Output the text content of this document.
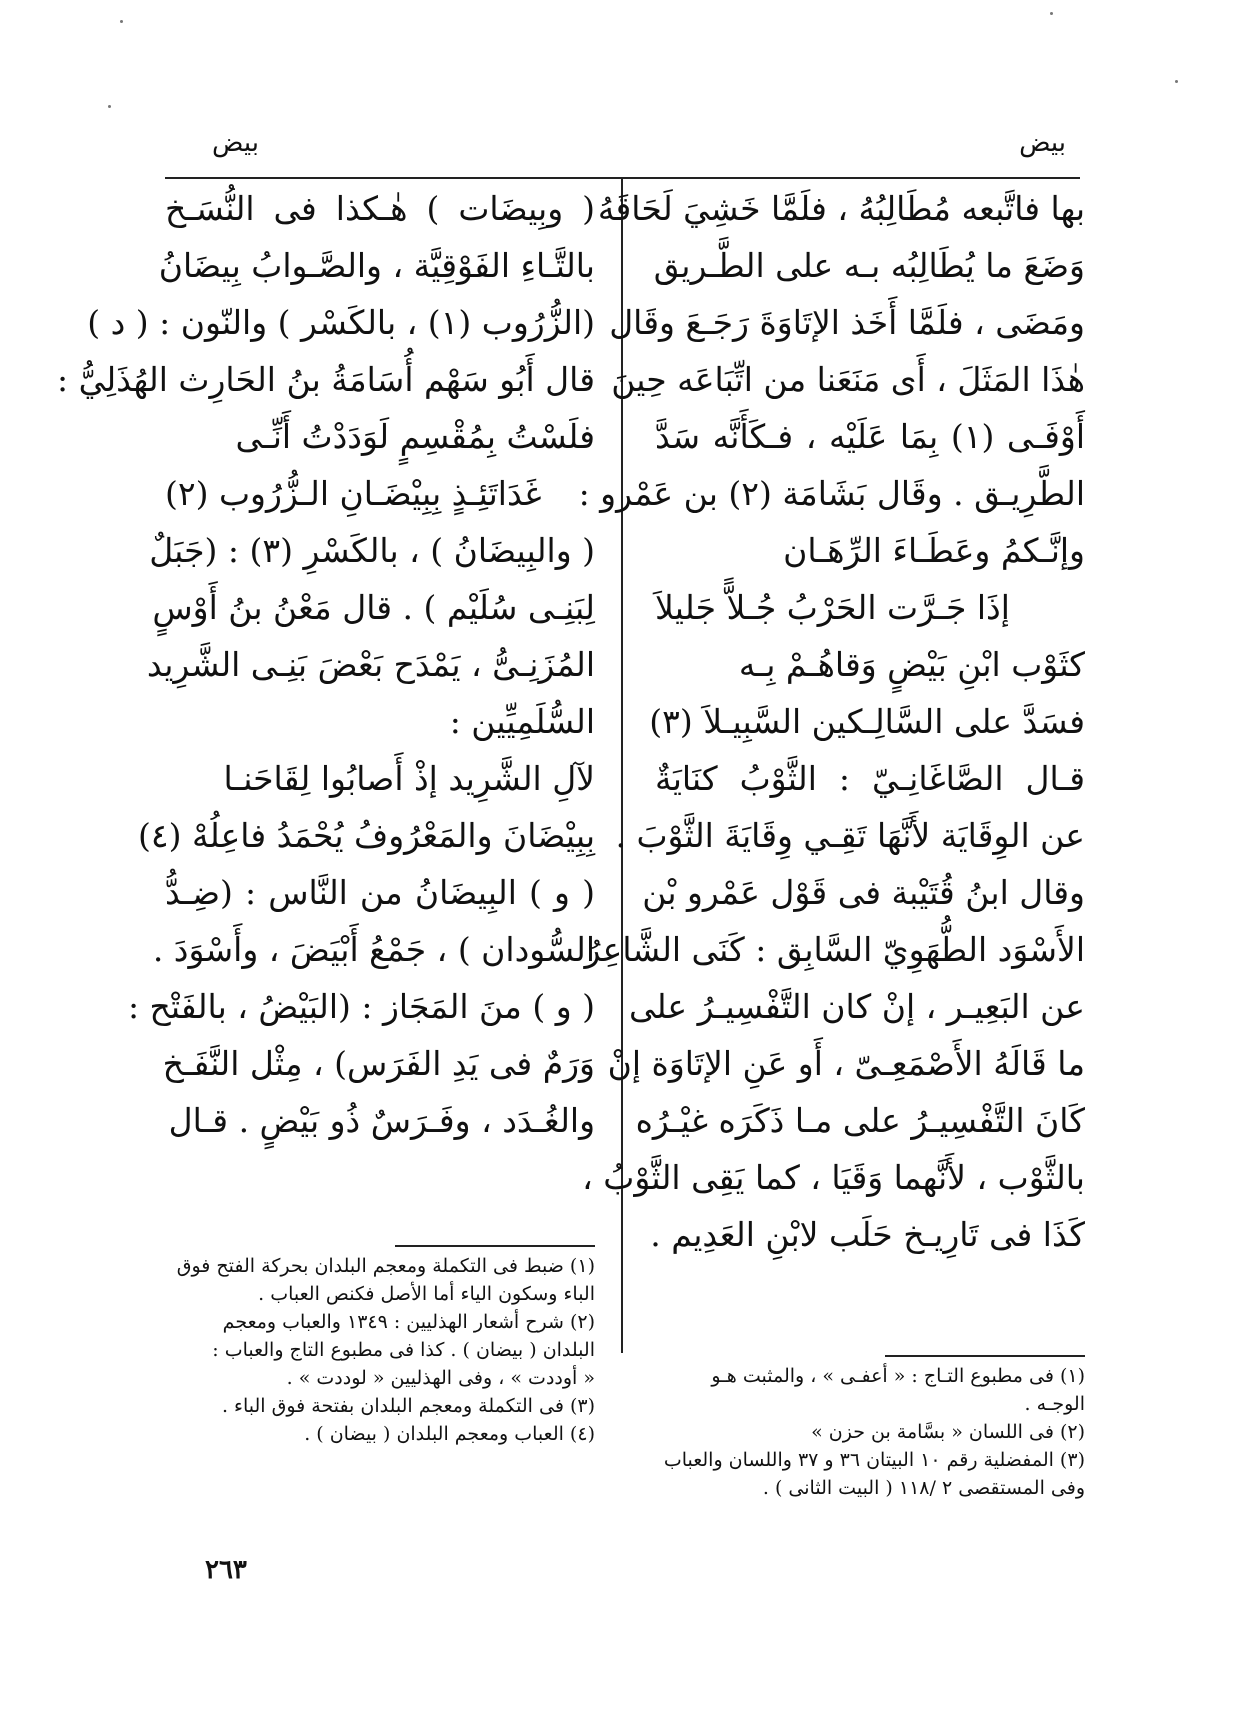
بيض
بيض
بها فاتَّبعه مُطَالِبُهُ ، فلَمَّا خَشِيَ لَحَاقَهُ
وَضَعَ ما يُطَالِبُه بـه على الطَّـريق
ومَضَى ، فلَمَّا أَخَذ الإتَاوَةَ رَجَـعَ وقَال
هٰذَا المَثَلَ ، أَى مَنَعَنا من اتِّبَاعَه حِينَ
أَوْفَـى (١) بِمَا عَلَيْه ، فـكَأَنَّه سَدَّ
الطَّرِيـق . وقَال بَشَامَة (٢) بن عَمْرو :
وإنَّـكمُ وعَطَـاءَ الرِّهَـان
إذَا جَـرَّت الحَرْبُ جُـلاًّ جَليلاَ
كثَوْب ابْنِ بَيْضٍ وَقاهُـمْ بِـه
فسَدَّ على السَّالِـكين السَّبِيـلاَ (٣)
قـال الصَّاغَانِـيّ : الثَّوْبُ كنَايَةٌ
عن الوِقَايَة لأَنَّهَا تَقِـي وِقَايَةَ الثَّوْبَ .
وقال ابنُ قُتَيْبة فى قَوْل عَمْرو بْن
الأَسْوَد الطُّهَوِيّ السَّابِق : كَنَى الشَّاعِرُ
عن البَعِيـر ، إنْ كان التَّفْسِيـرُ على
ما قَالَهُ الأَصْمَعِـىّ ، أَو عَنِ الإتَاوَة إنْ
كَانَ التَّفْسِيـرُ على مـا ذَكَرَه غيْـرُه
بالثَّوْب ، لأَنَّهما وَقَيَا ، كما يَقِى الثَّوْبُ ،
كَذَا فى تَارِيـخ حَلَب لابْنِ العَدِيم .
( وبِيضَات ) هٰـكذا فى النُّسَـخ
بالتَّـاءِ الفَوْقِيَّة ، والصَّـوابُ بِيضَانُ
(الزُّرُوب (١) ، بالكَسْر ) والنّون : ( د )
قال أَبُو سَهْم أُسَامَةُ بنُ الحَارِث الهُذَلِيُّ :
فلَسْتُ بِمُقْسِمٍ لَوَدَدْتُ أَنِّـى
غَدَاتَئِـذٍ بِبِيْضَـانِ الـزُّرُوب (٢)
( والبِيضَانُ ) ، بالكَسْرِ (٣) : (جَبَلٌ
لِبَنِـى سُلَيْم ) . قال مَعْنُ بنُ أَوْسٍ
المُزَنِـىُّ ، يَمْدَح بَعْضَ بَنِـى الشَّرِيد
السُّلَمِيِّين :
لآلِ الشَّرِيد إذْ أَصابُوا لِقَاحَنـا
بِبِيْضَانَ والمَعْرُوفُ يُحْمَدُ فاعِلُهْ (٤)
( و ) البِيضَانُ من النَّاس : (ضِـدُّ
السُّودان ) ، جَمْعُ أَبْيَضَ ، وأَسْوَدَ .
( و ) منَ المَجَاز : (البَيْضُ ، بالفَتْح :
وَرَمٌ فى يَدِ الفَرَس) ، مِثْل النَّفَـخ
والغُـدَد ، وفَـرَسٌ ذُو بَيْضٍ . قـال
(١) فى مطبوع التـاج : « أعفـى » ، والمثبت هـو
الوجـه .
(٢) فى اللسان « بسَّامة بن حزن »
(٣) المفضلية رقم ١٠ البيتان ٣٦ و ٣٧ واللسان والعباب
وفى المستقصى ٢ /١١٨ ( البيت الثانى ) .
(١) ضبط فى التكملة ومعجم البلدان بحركة الفتح فوق
الباء وسكون الياء أما الأصل فكنص العباب .
(٢) شرح أشعار الهذليين : ١٣٤٩ والعباب ومعجم
البلدان ( بيضان ) . كذا فى مطبوع التاج والعباب :
« أوددت » ، وفى الهذليين « لوددت » .
(٣) فى التكملة ومعجم البلدان بفتحة فوق الباء .
(٤) العباب ومعجم البلدان ( بيضان ) .
٢٦٣
